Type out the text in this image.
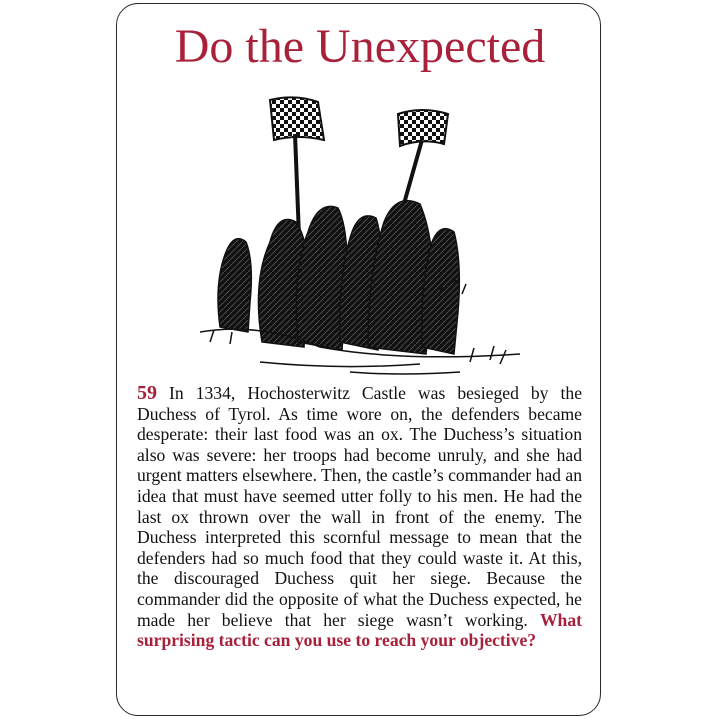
Do the Unexpected
59 In 1334, Hochosterwitz Castle was besieged by the Duchess of Tyrol. As time wore on, the defenders became desperate: their last food was an ox. The Duchess’s situation also was severe: her troops had become unruly, and she had urgent matters elsewhere. Then, the castle’s commander had an idea that must have seemed utter folly to his men. He had the last ox thrown over the wall in front of the enemy. The Duchess interpreted this scornful message to mean that the defenders had so much food that they could waste it. At this, the discouraged Duchess quit her siege. Because the commander did the opposite of what the Duchess expected, he made her believe that her siege wasn’t working. What surprising tactic can you use to reach your objective?
